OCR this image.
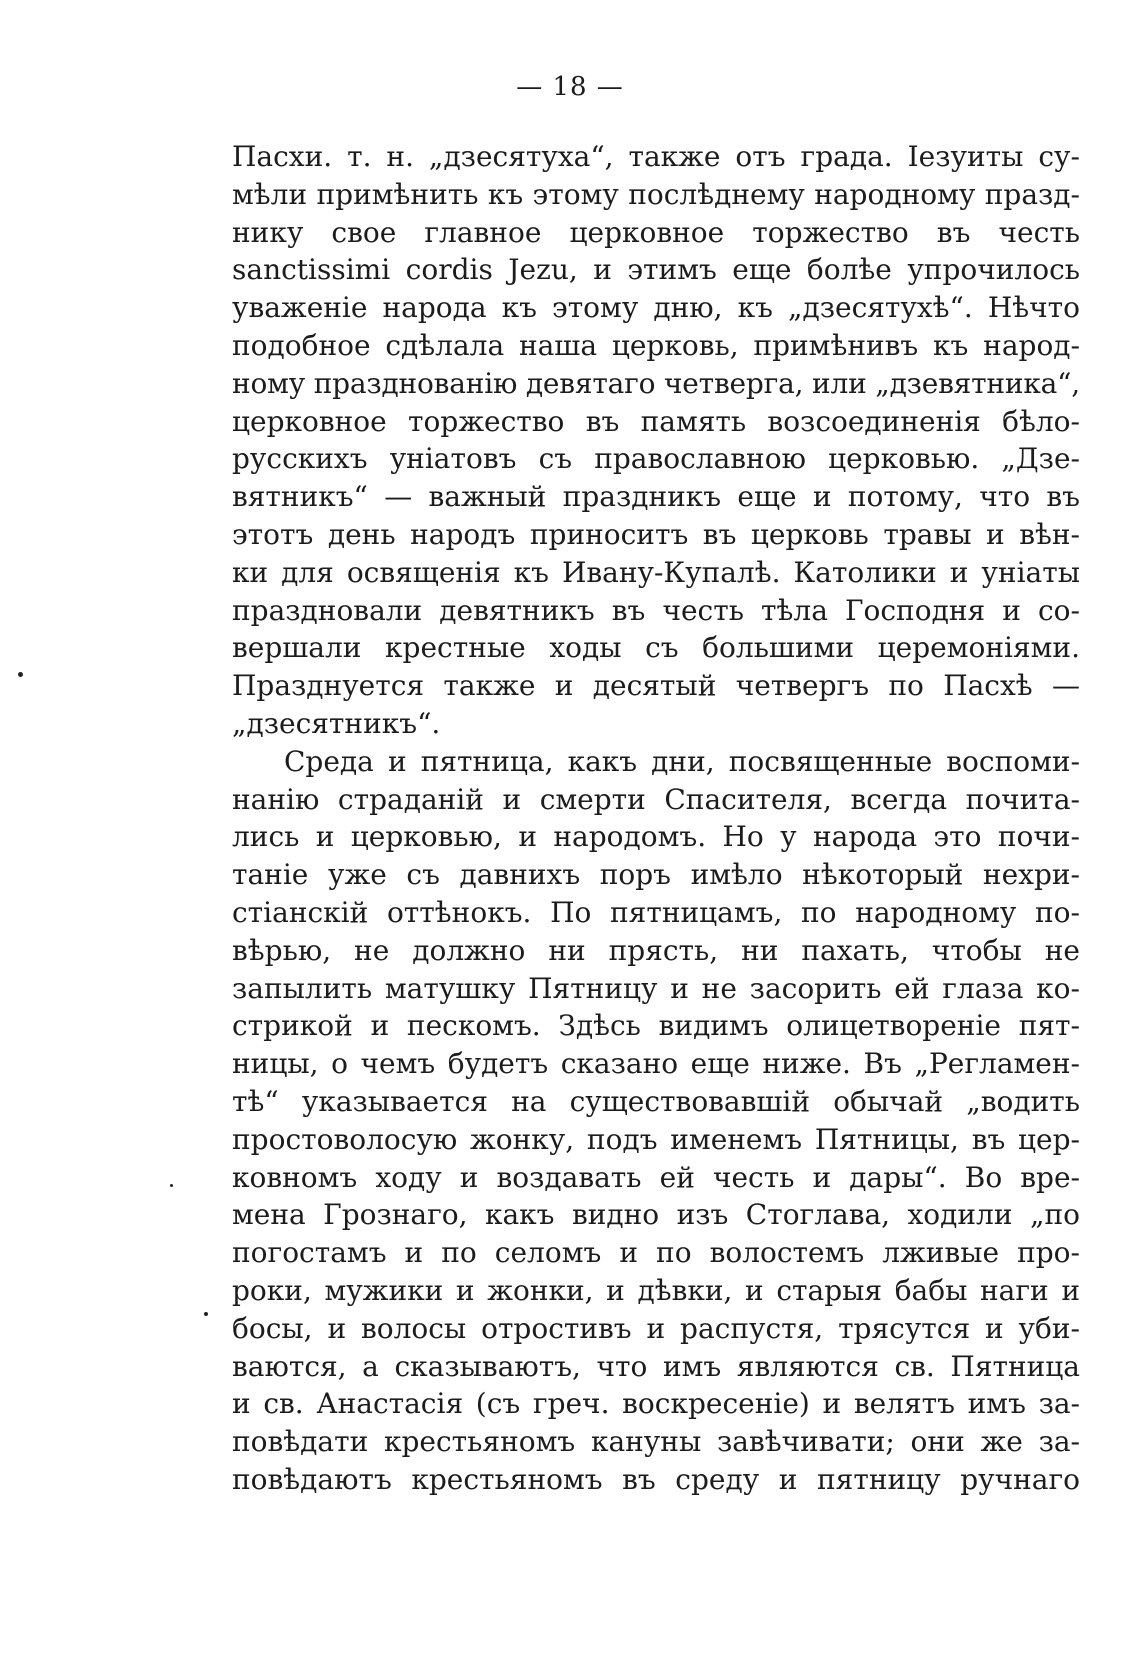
— 18 —
Пасхи. т. н. „дзесятуха“, также отъ града. Іезуиты су-
мѣли примѣнить къ этому послѣднему народному празд-
нику свое главное церковное торжество въ честь
sanctissimi cordis Jezu, и этимъ еще болѣе упрочилось
уваженіе народа къ этому дню, къ „дзесятухѣ“. Нѣчто
подобное сдѣлала наша церковь, примѣнивъ къ народ-
ному празднованію девятаго четверга, или „дзевятника“,
церковное торжество въ память возсоединенія бѣло-
русскихъ уніатовъ съ православною церковью. „Дзе-
вятникъ“ — важный праздникъ еще и потому, что въ
этотъ день народъ приноситъ въ церковь травы и вѣн-
ки для освященія къ Ивану-Купалѣ. Католики и уніаты
праздновали девятникъ въ честь тѣла Господня и со-
вершали крестные ходы съ большими церемоніями.
Празднуется также и десятый четвергъ по Пасхѣ —
„дзесятникъ“.
Среда и пятница, какъ дни, посвященные воспоми-
нанію страданій и смерти Спасителя, всегда почита-
лись и церковью, и народомъ. Но у народа это почи-
таніе уже съ давнихъ поръ имѣло нѣкоторый нехри-
стіанскій оттѣнокъ. По пятницамъ, по народному по-
вѣрью, не должно ни прясть, ни пахать, чтобы не
запылить матушку Пятницу и не засорить ей глаза ко-
стрикой и пескомъ. Здѣсь видимъ олицетвореніе пят-
ницы, о чемъ будетъ сказано еще ниже. Въ „Регламен-
тѣ“ указывается на существовавшій обычай „водить
простоволосую жонку, подъ именемъ Пятницы, въ цер-
ковномъ ходу и воздавать ей честь и дары“. Во вре-
мена Грознаго, какъ видно изъ Стоглава, ходили „по
погостамъ и по селомъ и по волостемъ лживые про-
роки, мужики и жонки, и дѣвки, и старыя бабы наги и
босы, и волосы отростивъ и распустя, трясутся и уби-
ваются, а сказываютъ, что имъ являются св. Пятница
и св. Анастасія (съ греч. воскресеніе) и велятъ имъ за-
повѣдати крестьяномъ кануны завѣчивати; они же за-
повѣдаютъ крестьяномъ въ среду и пятницу ручнаго
